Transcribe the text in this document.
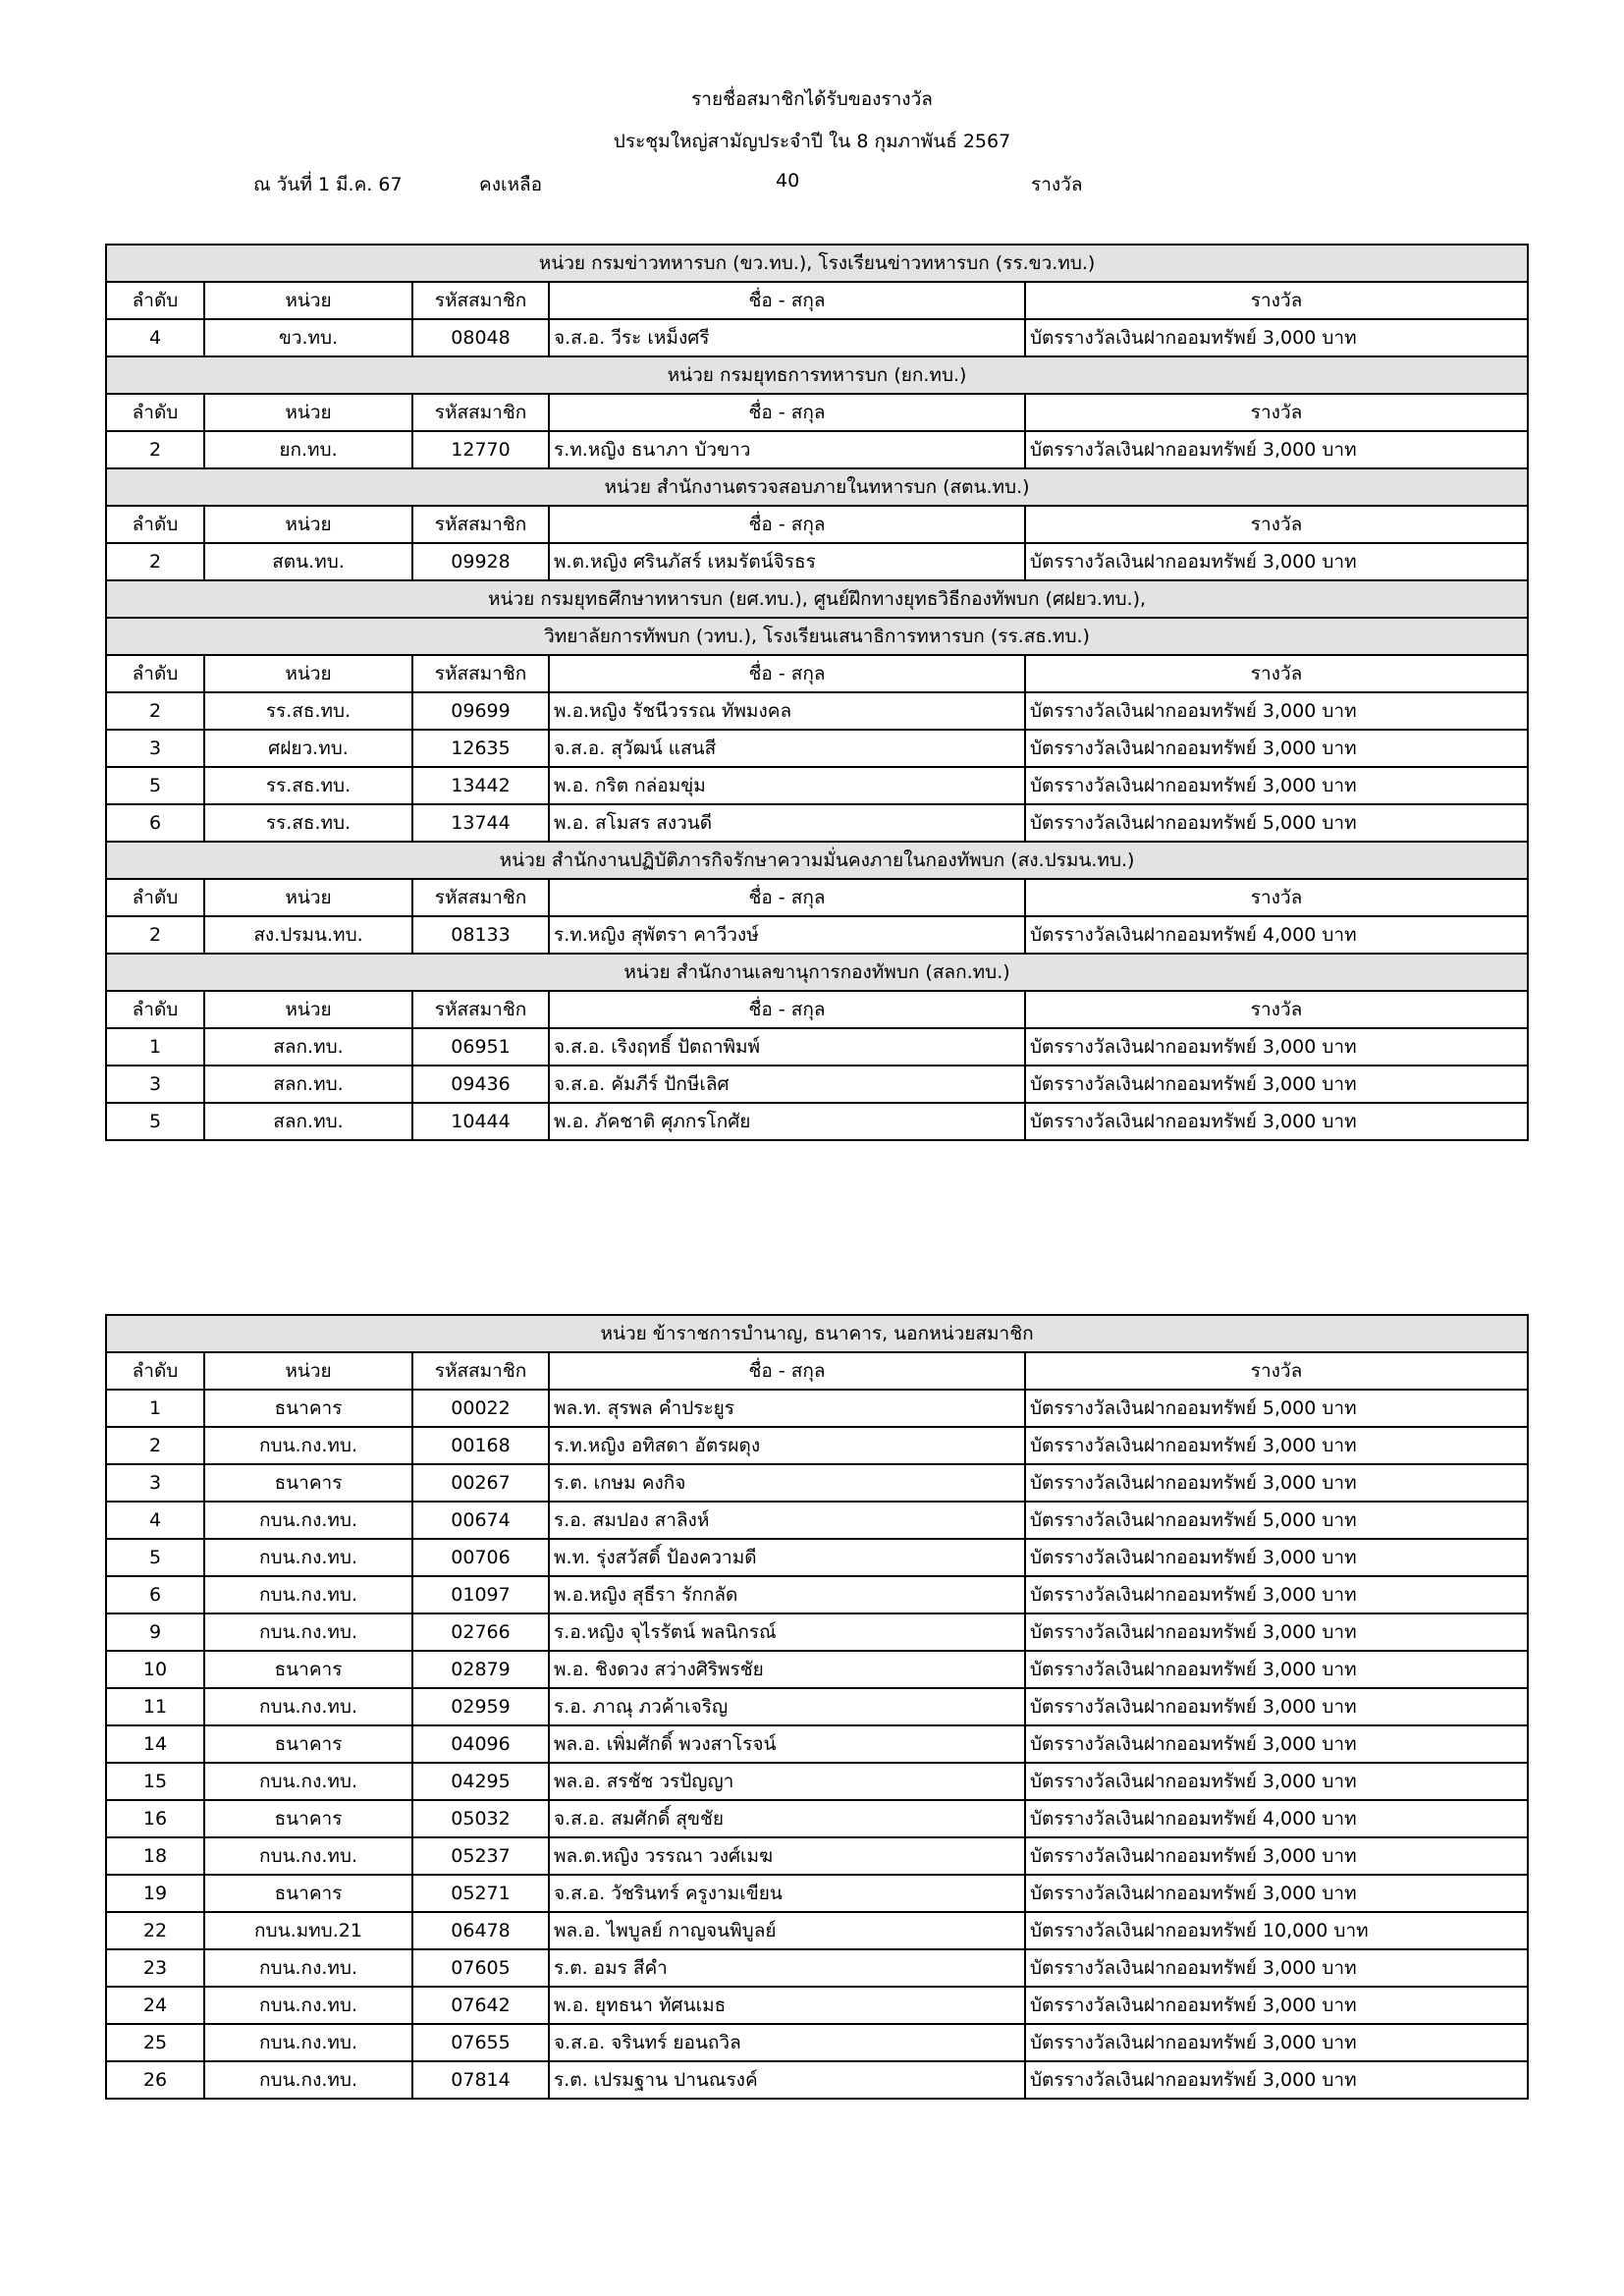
รายชื่อสมาชิกได้รับของรางวัล
ประชุมใหญ่สามัญประจำปี ใน 8 กุมภาพันธ์ 2567
ณ วันที่ 1 มี.ค. 67	คงเหลือ	40	รางวัล
หน่วย กรมข่าวทหารบก (ขว.ทบ.), โรงเรียนข่าวทหารบก (รร.ขว.ทบ.)				
ลำดับ	หน่วย	รหัสสมาชิก	ชื่อ - สกุล	รางวัล
4	ขว.ทบ.	08048	จ.ส.อ. วีระ เหม็งศรี	บัตรรางวัลเงินฝากออมทรัพย์ 3,000 บาท
หน่วย กรมยุทธการทหารบก (ยก.ทบ.)				
ลำดับ	หน่วย	รหัสสมาชิก	ชื่อ - สกุล	รางวัล
2	ยก.ทบ.	12770	ร.ท.หญิง ธนาภา บัวขาว	บัตรรางวัลเงินฝากออมทรัพย์ 3,000 บาท
หน่วย สำนักงานตรวจสอบภายในทหารบก (สตน.ทบ.)				
ลำดับ	หน่วย	รหัสสมาชิก	ชื่อ - สกุล	รางวัล
2	สตน.ทบ.	09928	พ.ต.หญิง ศรินภัสร์ เหมรัตน์จิรธร	บัตรรางวัลเงินฝากออมทรัพย์ 3,000 บาท
หน่วย กรมยุทธศึกษาทหารบก (ยศ.ทบ.), ศูนย์ฝึกทางยุทธวิธีกองทัพบก (ศฝยว.ทบ.),				
วิทยาลัยการทัพบก (วทบ.), โรงเรียนเสนาธิการทหารบก (รร.สธ.ทบ.)				
ลำดับ	หน่วย	รหัสสมาชิก	ชื่อ - สกุล	รางวัล
2	รร.สธ.ทบ.	09699	พ.อ.หญิง รัชนีวรรณ ทัพมงคล	บัตรรางวัลเงินฝากออมทรัพย์ 3,000 บาท
3	ศฝยว.ทบ.	12635	จ.ส.อ. สุวัฒน์ แสนสี	บัตรรางวัลเงินฝากออมทรัพย์ 3,000 บาท
5	รร.สธ.ทบ.	13442	พ.อ. กริต กล่อมขุ่ม	บัตรรางวัลเงินฝากออมทรัพย์ 3,000 บาท
6	รร.สธ.ทบ.	13744	พ.อ. สโมสร สงวนดี	บัตรรางวัลเงินฝากออมทรัพย์ 5,000 บาท
หน่วย สำนักงานปฏิบัติภารกิจรักษาความมั่นคงภายในกองทัพบก (สง.ปรมน.ทบ.)				
ลำดับ	หน่วย	รหัสสมาชิก	ชื่อ - สกุล	รางวัล
2	สง.ปรมน.ทบ.	08133	ร.ท.หญิง สุพัตรา คาวีวงษ์	บัตรรางวัลเงินฝากออมทรัพย์ 4,000 บาท
หน่วย สำนักงานเลขานุการกองทัพบก (สลก.ทบ.)				
ลำดับ	หน่วย	รหัสสมาชิก	ชื่อ - สกุล	รางวัล
1	สลก.ทบ.	06951	จ.ส.อ. เริงฤทธิ์ ปัตถาพิมพ์	บัตรรางวัลเงินฝากออมทรัพย์ 3,000 บาท
3	สลก.ทบ.	09436	จ.ส.อ. คัมภีร์ ปักษีเลิศ	บัตรรางวัลเงินฝากออมทรัพย์ 3,000 บาท
5	สลก.ทบ.	10444	พ.อ. ภัคชาติ ศุภกรโกศัย	บัตรรางวัลเงินฝากออมทรัพย์ 3,000 บาท
หน่วย ข้าราชการบำนาญ, ธนาคาร, นอกหน่วยสมาชิก				
ลำดับ	หน่วย	รหัสสมาชิก	ชื่อ - สกุล	รางวัล
1	ธนาคาร	00022	พล.ท. สุรพล คำประยูร	บัตรรางวัลเงินฝากออมทรัพย์ 5,000 บาท
2	กบน.กง.ทบ.	00168	ร.ท.หญิง อทิสดา อัตรผดุง	บัตรรางวัลเงินฝากออมทรัพย์ 3,000 บาท
3	ธนาคาร	00267	ร.ต. เกษม คงกิจ	บัตรรางวัลเงินฝากออมทรัพย์ 3,000 บาท
4	กบน.กง.ทบ.	00674	ร.อ. สมปอง สาลิงห์	บัตรรางวัลเงินฝากออมทรัพย์ 5,000 บาท
5	กบน.กง.ทบ.	00706	พ.ท. รุ่งสวัสดิ์ ป้องความดี	บัตรรางวัลเงินฝากออมทรัพย์ 3,000 บาท
6	กบน.กง.ทบ.	01097	พ.อ.หญิง สุธีรา รักกลัด	บัตรรางวัลเงินฝากออมทรัพย์ 3,000 บาท
9	กบน.กง.ทบ.	02766	ร.อ.หญิง จุไรรัตน์ พลนิกรณ์	บัตรรางวัลเงินฝากออมทรัพย์ 3,000 บาท
10	ธนาคาร	02879	พ.อ. ชิงดวง สว่างศิริพรชัย	บัตรรางวัลเงินฝากออมทรัพย์ 3,000 บาท
11	กบน.กง.ทบ.	02959	ร.อ. ภาณุ ภวค้าเจริญ	บัตรรางวัลเงินฝากออมทรัพย์ 3,000 บาท
14	ธนาคาร	04096	พล.อ. เพิ่มศักดิ์ พวงสาโรจน์	บัตรรางวัลเงินฝากออมทรัพย์ 3,000 บาท
15	กบน.กง.ทบ.	04295	พล.อ. สรชัช วรปัญญา	บัตรรางวัลเงินฝากออมทรัพย์ 3,000 บาท
16	ธนาคาร	05032	จ.ส.อ. สมศักดิ์ สุขชัย	บัตรรางวัลเงินฝากออมทรัพย์ 4,000 บาท
18	กบน.กง.ทบ.	05237	พล.ต.หญิง วรรณา วงศ์เมฆ	บัตรรางวัลเงินฝากออมทรัพย์ 3,000 บาท
19	ธนาคาร	05271	จ.ส.อ. วัชรินทร์ ครูงามเขียน	บัตรรางวัลเงินฝากออมทรัพย์ 3,000 บาท
22	กบน.มทบ.21	06478	พล.อ. ไพบูลย์ กาญจนพิบูลย์	บัตรรางวัลเงินฝากออมทรัพย์ 10,000 บาท
23	กบน.กง.ทบ.	07605	ร.ต. อมร สีคำ	บัตรรางวัลเงินฝากออมทรัพย์ 3,000 บาท
24	กบน.กง.ทบ.	07642	พ.อ. ยุทธนา ทัศนเมธ	บัตรรางวัลเงินฝากออมทรัพย์ 3,000 บาท
25	กบน.กง.ทบ.	07655	จ.ส.อ. จรินทร์ ยอนถวิล	บัตรรางวัลเงินฝากออมทรัพย์ 3,000 บาท
26	กบน.กง.ทบ.	07814	ร.ต. เปรมฐาน ปานณรงค์	บัตรรางวัลเงินฝากออมทรัพย์ 3,000 บาท
